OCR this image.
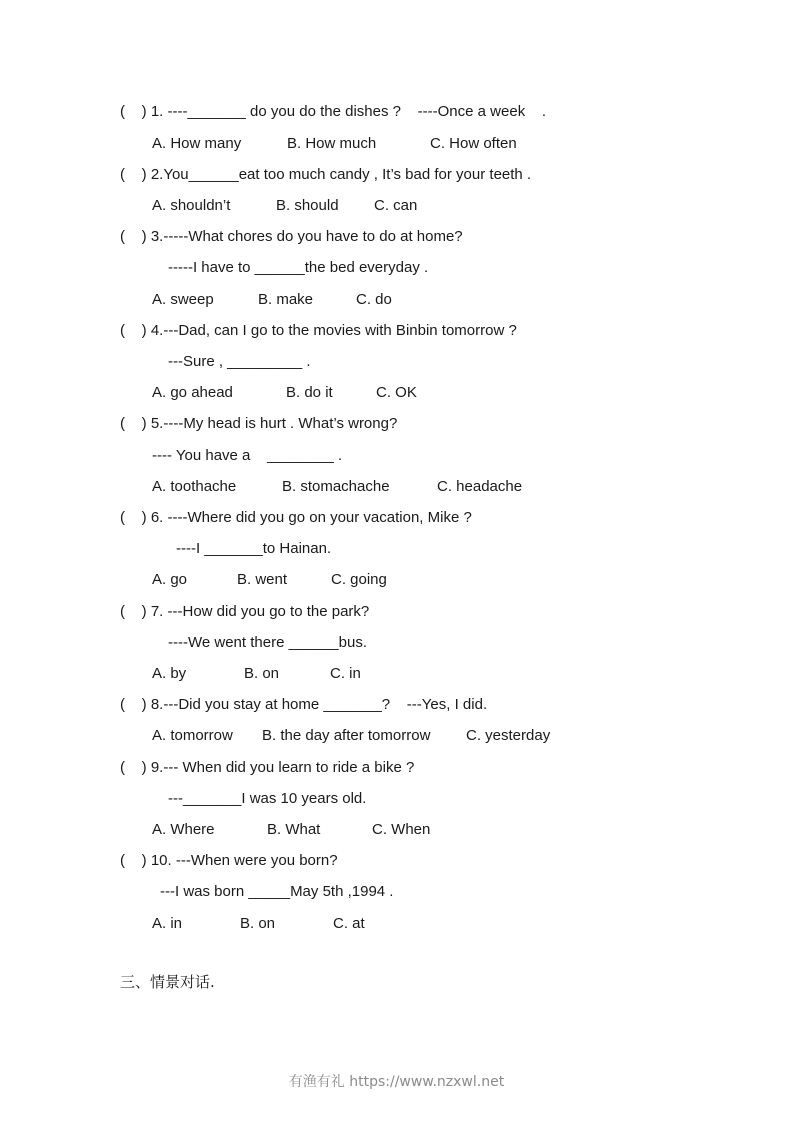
(    ) 1. ----_______ do you do the dishes ?    ----Once a week    .

A. How many

	B. How much

	C. How often

(    ) 2.You______eat too much candy , It’s bad for your teeth .

A. shouldn’t

	B. should

C. can

(    ) 3.-----What chores do you have to do at home?
-----I have to ______the bed everyday .

A. sweep

	B. make

	C. do

(    ) 4.---Dad, can I go to the movies with Binbin tomorrow ?
---Sure , _________ .

A. go ahead

	B. do it

	C. OK

(    ) 5.----My head is hurt . What’s wrong?
---- You have a    ________ .

A. toothache

	B. stomachache

	C. headache

(    ) 6. ----Where did you go on your vacation, Mike ?
----I _______to Hainan.

A. go

	B. went

	C. going

(    ) 7. ---How did you go to the park?
----We went there ______bus.

A. by

	B. on

	C. in

(    ) 8.---Did you stay at home _______?    ---Yes, I did.

A. tomorrow

B. the day after tomorrow

C. yesterday

(    ) 9.--- When did you learn to ride a bike ?
---_______I was 10 years old.

A. Where

	B. What

	C. When

(    ) 10. ---When were you born?
---I was born _____May 5th ,1994 .

A. in

	B. on

	C. at

三、情景对话.
有渔有礼 https://www.nzxwl.net
